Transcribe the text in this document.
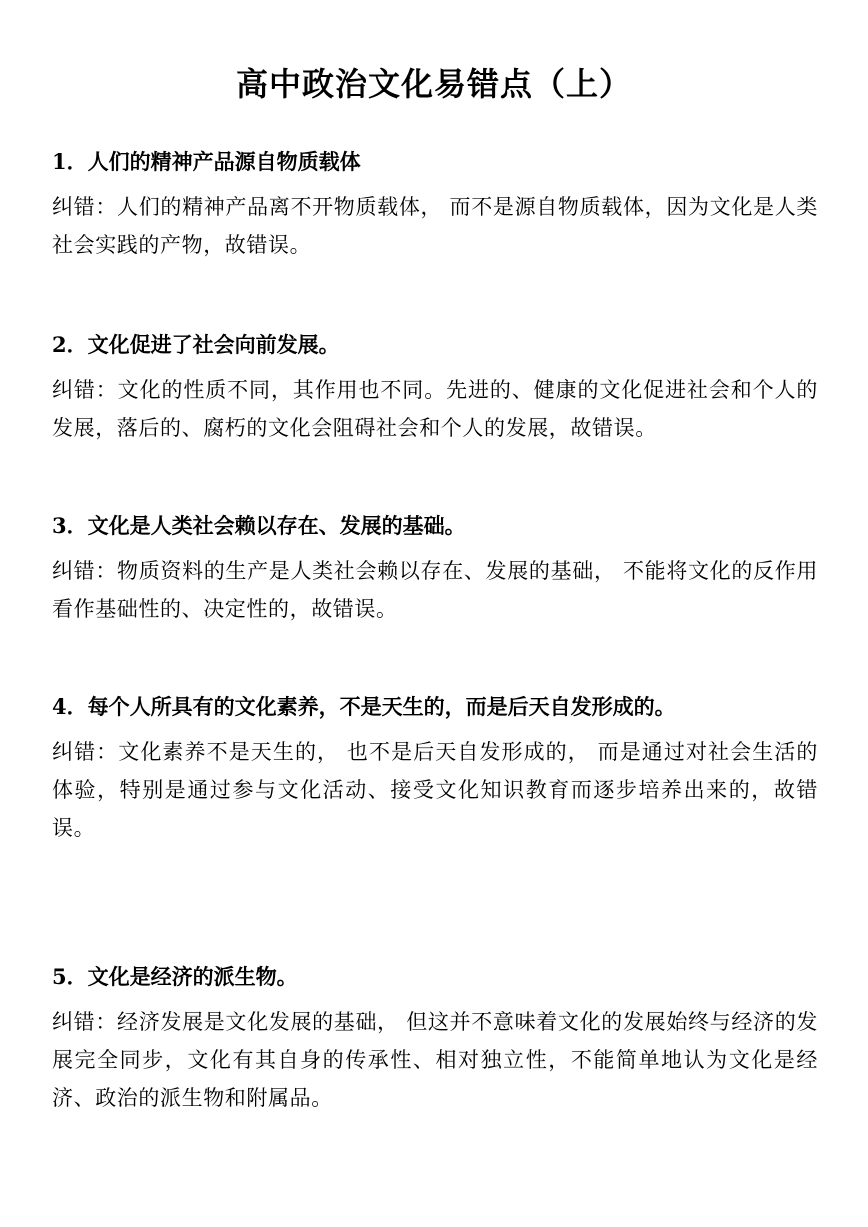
高中政治文化易错点（上）
1．人们的精神产品源自物质载体
纠错：人们的精神产品离不开物质载体， 而不是源自物质载体，因为文化是人类社会实践的产物，故错误。
2．文化促进了社会向前发展。
纠错：文化的性质不同，其作用也不同。先进的、健康的文化促进社会和个人的发展，落后的、腐朽的文化会阻碍社会和个人的发展，故错误。
3．文化是人类社会赖以存在、发展的基础。
纠错：物质资料的生产是人类社会赖以存在、发展的基础， 不能将文化的反作用看作基础性的、决定性的，故错误。
4．每个人所具有的文化素养，不是天生的，而是后天自发形成的。
纠错：文化素养不是天生的， 也不是后天自发形成的， 而是通过对社会生活的体验，特别是通过参与文化活动、接受文化知识教育而逐步培养出来的，故错误。
5．文化是经济的派生物。
纠错：经济发展是文化发展的基础， 但这并不意味着文化的发展始终与经济的发展完全同步，文化有其自身的传承性、相对独立性，不能简单地认为文化是经济、政治的派生物和附属品。
